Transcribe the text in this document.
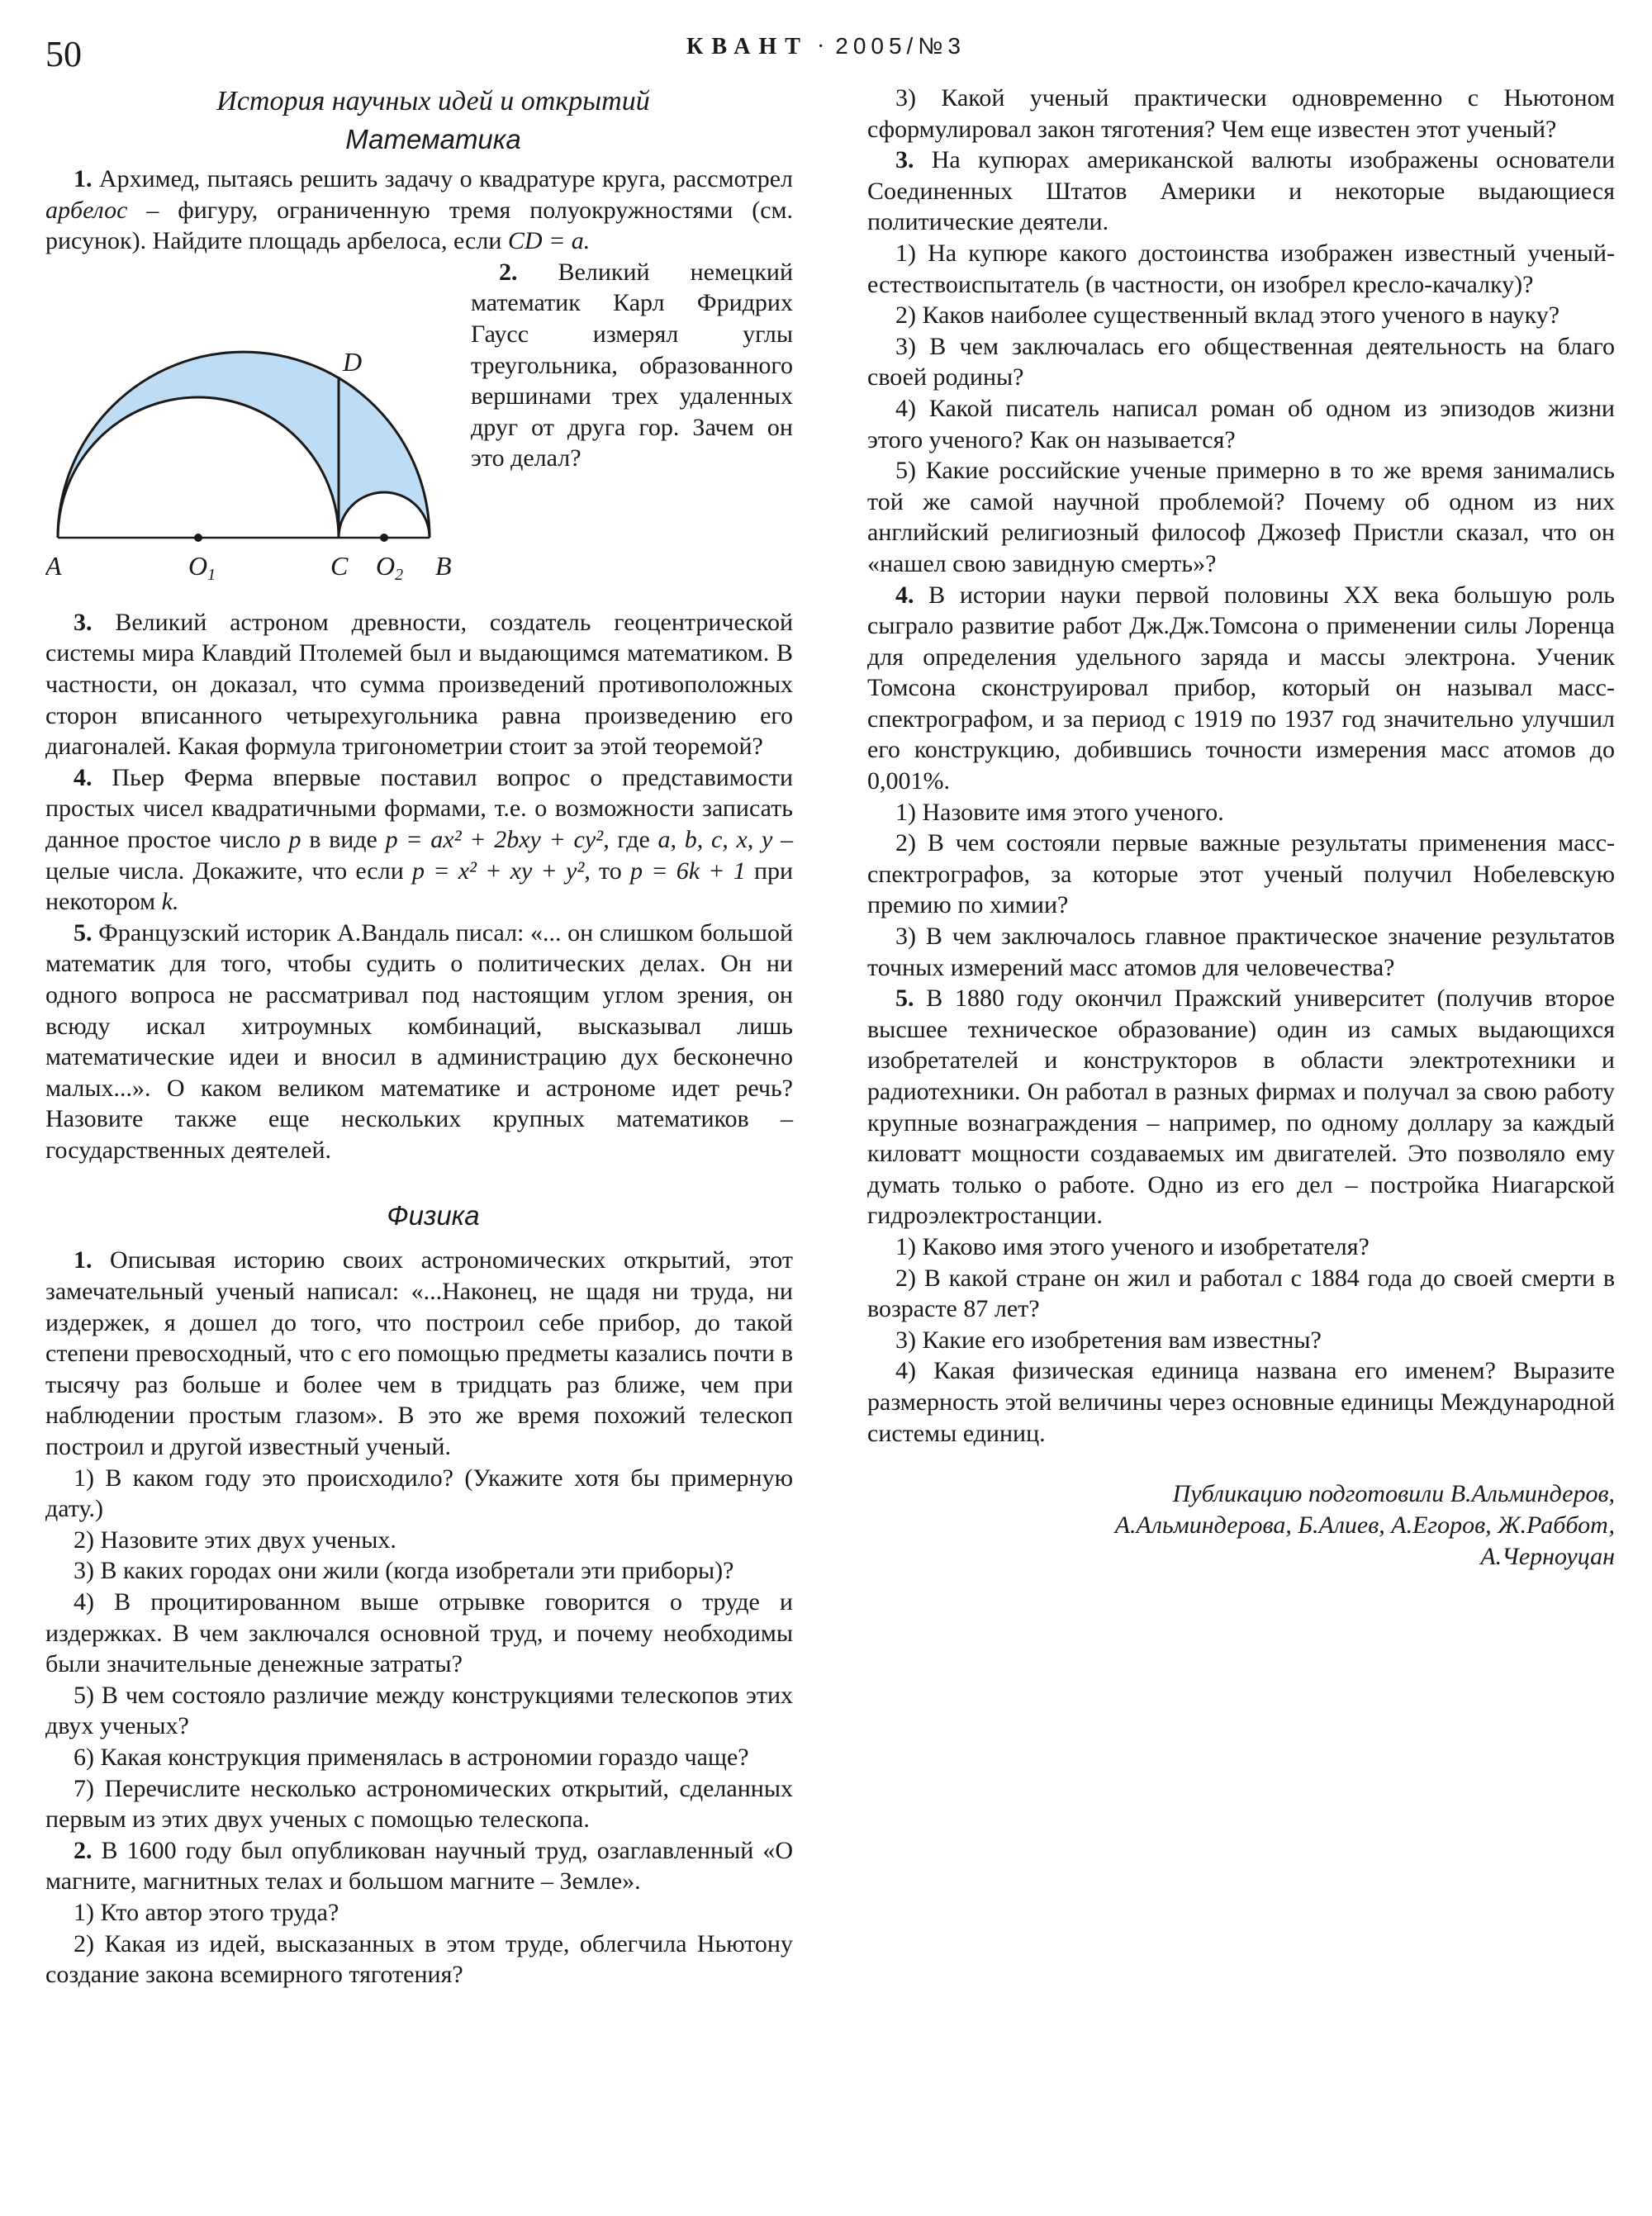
50	КВАНТ · 2005/№3

История научных идей и открытий

Математика

1. Архимед, пытаясь решить задачу о квадратуре круга, рассмотрел арбелос – фигуру, ограниченную тремя полуокружностями (см. рисунок). Найдите площадь арбелоса, если CD = a.

A	O1	C O2 B
D

2. Великий немецкий математик Карл Фридрих Гаусс измерял углы треугольника, образованного вершинами трех удаленных друг от друга гор. Зачем он это делал?

3. Великий астроном древности, создатель геоцентрической системы мира Клавдий Птолемей был и выдающимся математиком. В частности, он доказал, что сумма произведений противоположных сторон вписанного четырехугольника равна произведению его диагоналей. Какая формула тригонометрии стоит за этой теоремой?

4. Пьер Ферма впервые поставил вопрос о представимости простых чисел квадратичными формами, т.е. о возможности записать данное простое число p в виде p = ax² + 2bxy + cy², где a, b, c, x, y – целые числа. Докажите, что если p = x² + xy + y², то p = 6k + 1 при некотором k.

5. Французский историк А.Вандаль писал: «... он слишком большой математик для того, чтобы судить о политических делах. Он ни одного вопроса не рассматривал под настоящим углом зрения, он всюду искал хитроумных комбинаций, высказывал лишь математические идеи и вносил в администрацию дух бесконечно малых...». О каком великом математике и астрономе идет речь? Назовите также еще нескольких крупных математиков – государственных деятелей.

Физика

1. Описывая историю своих астрономических открытий, этот замечательный ученый написал: «...Наконец, не щадя ни труда, ни издержек, я дошел до того, что построил себе прибор, до такой степени превосходный, что с его помощью предметы казались почти в тысячу раз больше и более чем в тридцать раз ближе, чем при наблюдении простым глазом». В это же время похожий телескоп построил и другой известный ученый.

1) В каком году это происходило? (Укажите хотя бы примерную дату.)

2) Назовите этих двух ученых.

3) В каких городах они жили (когда изобретали эти приборы)?

4) В процитированном выше отрывке говорится о труде и издержках. В чем заключался основной труд, и почему необходимы были значительные денежные затраты?

5) В чем состояло различие между конструкциями телескопов этих двух ученых?

6) Какая конструкция применялась в астрономии гораздо чаще?

7) Перечислите несколько астрономических открытий, сделанных первым из этих двух ученых с помощью телескопа.

2. В 1600 году был опубликован научный труд, озаглавленный «О магните, магнитных телах и большом магните – Земле».

1) Кто автор этого труда?

2) Какая из идей, высказанных в этом труде, облегчила Ньютону создание закона всемирного тяготения?

3) Какой ученый практически одновременно с Ньютоном сформулировал закон тяготения? Чем еще известен этот ученый?

3. На купюрах американской валюты изображены основатели Соединенных Штатов Америки и некоторые выдающиеся политические деятели.

1) На купюре какого достоинства изображен известный ученый-естествоиспытатель (в частности, он изобрел кресло-качалку)?

2) Каков наиболее существенный вклад этого ученого в науку?

3) В чем заключалась его общественная деятельность на благо своей родины?

4) Какой писатель написал роман об одном из эпизодов жизни этого ученого? Как он называется?

5) Какие российские ученые примерно в то же время занимались той же самой научной проблемой? Почему об одном из них английский религиозный философ Джозеф Пристли сказал, что он «нашел свою завидную смерть»?

4. В истории науки первой половины XX века большую роль сыграло развитие работ Дж.Дж.Томсона о применении силы Лоренца для определения удельного заряда и массы электрона. Ученик Томсона сконструировал прибор, который он называл масс-спектрографом, и за период с 1919 по 1937 год значительно улучшил его конструкцию, добившись точности измерения масс атомов до 0,001%.

1) Назовите имя этого ученого.

2) В чем состояли первые важные результаты применения масс-спектрографов, за которые этот ученый получил Нобелевскую премию по химии?

3) В чем заключалось главное практическое значение результатов точных измерений масс атомов для человечества?

5. В 1880 году окончил Пражский университет (получив второе высшее техническое образование) один из самых выдающихся изобретателей и конструкторов в области электротехники и радиотехники. Он работал в разных фирмах и получал за свою работу крупные вознаграждения – например, по одному доллару за каждый киловатт мощности создаваемых им двигателей. Это позволяло ему думать только о работе. Одно из его дел – постройка Ниагарской гидроэлектростанции.

1) Каково имя этого ученого и изобретателя?

2) В какой стране он жил и работал с 1884 года до своей смерти в возрасте 87 лет?

3) Какие его изобретения вам известны?

4) Какая физическая единица названа его именем? Выразите размерность этой величины через основные единицы Международной системы единиц.

Публикацию подготовили В.Альминдеров,
А.Альминдерова, Б.Алиев, А.Егоров, Ж.Раббот,
А.Черноуцан
